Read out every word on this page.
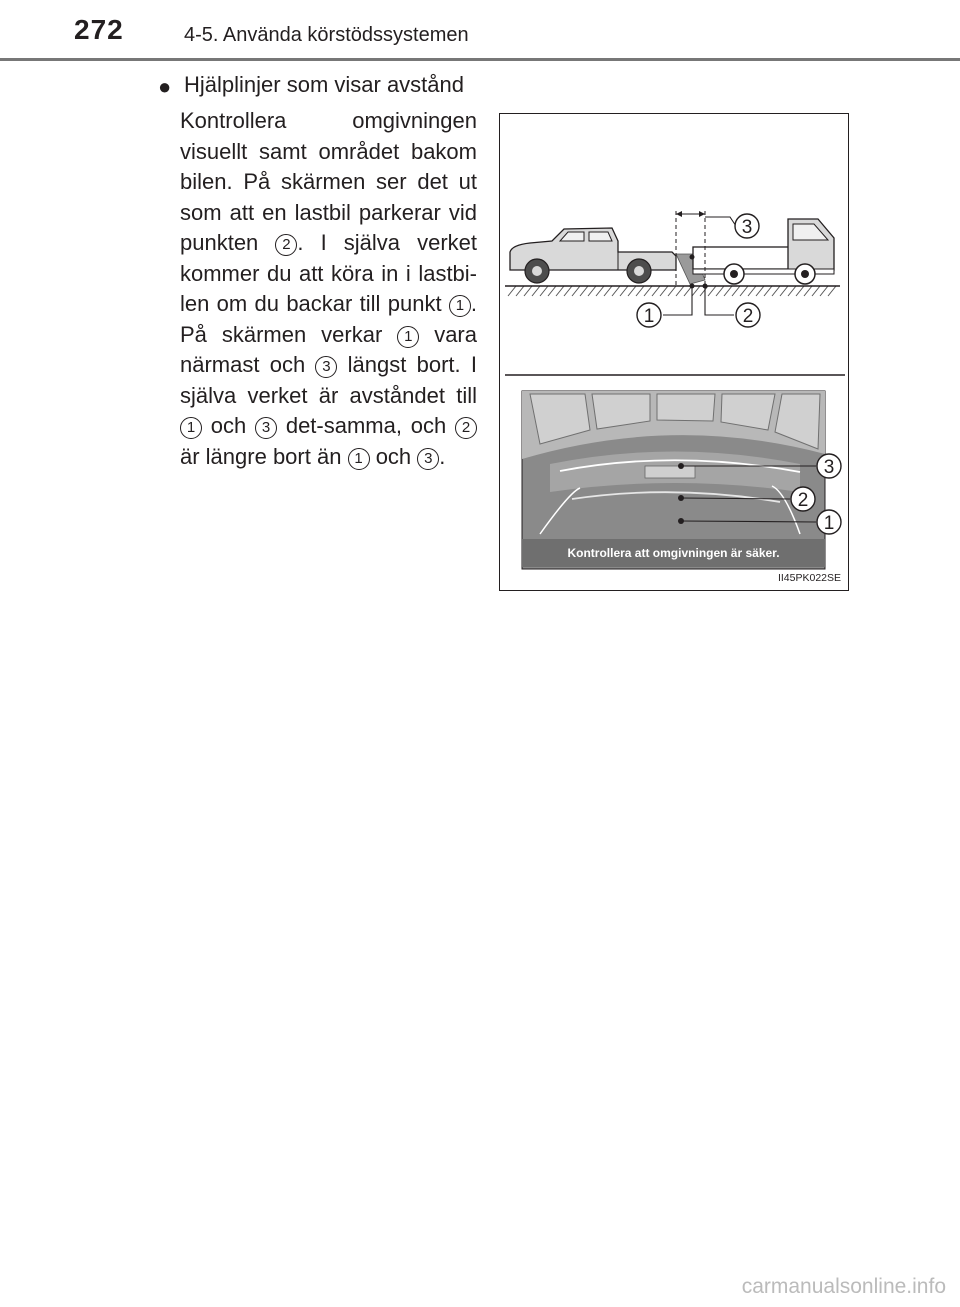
272	4-5. Använda körstödssystemen
● Hjälplinjer som visar avstånd
Kontrollera omgivningen visuellt samt området bakom bilen. På skärmen ser det ut som att en lastbil parkerar vid punkten 2 . I själva verket kommer du att köra in i lastbi-len om du backar till punkt 1 . På skärmen verkar 1 vara närmast och 3 längst bort. I själva verket är avståndet till 1 och 3 det-samma, och 2 är längre bort än 1 och 3 .
1	2
3
3
2
1
Kontrollera att omgivningen är säker.
II45PK022SE
carmanualsonline.info
